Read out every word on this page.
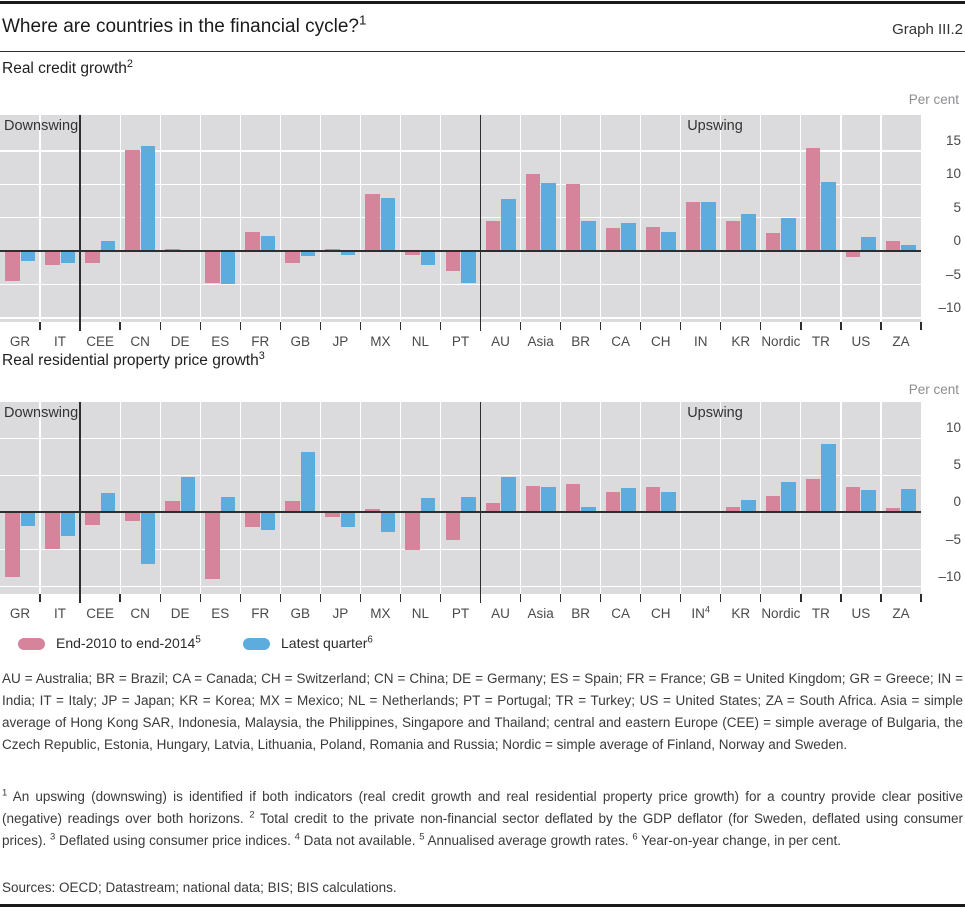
Where are countries in the financial cycle?$^1$
Graph III.2
Real credit growth$^2$
Per cent
Downswing	Upswing
15
10
5
0
–5
–10
GR	IT	CEE	CN	DE	ES	FR	GB	JP	MX	NL	PT	AU	Asia	BR	CA	CH	IN	KR Nordic TR	US	ZA
Real residential property price growth$^3$
Per cent
Downswing	Upswing
10
5
0
–5
–10
GR	IT	CEE	CN	DE	ES	FR	GB	JP	MX	NL	PT	AU	Asia	BR	CA	CH	$IN^4$	KR Nordic TR	US	ZA
End-2010 to end-2014$^5$	Latest quarter$^6$
AU = Australia; BR = Brazil; CA = Canada; CH = Switzerland; CN = China; DE = Germany; ES = Spain; FR = France; GB = United Kingdom; GR = Greece; IN = India; IT = Italy; JP = Japan; KR = Korea; MX = Mexico; NL = Netherlands; PT = Portugal; TR = Turkey; US = United States; ZA = South Africa. Asia = simple average of Hong Kong SAR, Indonesia, Malaysia, the Philippines, Singapore and Thailand; central and eastern Europe (CEE) = simple average of Bulgaria, the Czech Republic, Estonia, Hungary, Latvia, Lithuania, Poland, Romania and Russia; Nordic = simple average of Finland, Norway and Sweden.
$^1$ An upswing (downswing) is identified if both indicators (real credit growth and real residential property price growth) for a country provide clear positive (negative) readings over both horizons. $^2$ Total credit to the private non-financial sector deflated by the GDP deflator (for Sweden, deflated using consumer prices). $^3$ Deflated using consumer price indices. $^4$ Data not available. $^5$ Annualised average growth rates. $^6$ Year-on-year change, in per cent.
Sources: OECD; Datastream; national data; BIS; BIS calculations.
